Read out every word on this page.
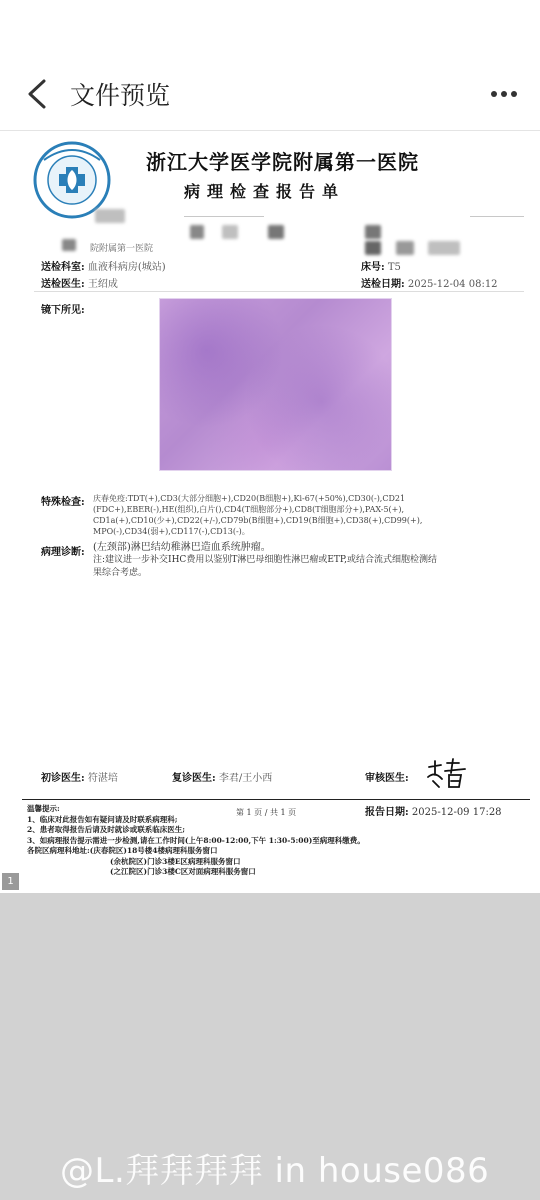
文件预览
浙江大学医学院附属第一医院
病理检查报告单
院附属第一医院
送检科室: 血液科病房(城站)	床号: T5
送检医生: 王绍成	送检日期: 2025-12-04 08:12
镜下所见:
特殊检查: 庆春免疫:TDT(+),CD3(大部分细胞+),CD20(B细胞+),Ki-67(+50%),CD30(-),CD21
(FDC+),EBER(-),HE(组织),白片(),CD4(T细胞部分+),CD8(T细胞部分+),PAX-5(+),
CD1a(+),CD10(少+),CD22(+/-),CD79b(B细胞+),CD19(B细胞+),CD38(+),CD99(+),
MPO(-),CD34(弱+),CD117(-),CD13(-)。
病理诊断: (左颈部)淋巴结幼稚淋巴造血系统肿瘤。
注:建议进一步补交IHC费用以鉴别T淋巴母细胞性淋巴瘤或ETP,或结合流式细胞检测结
果综合考虑。
初诊医生: 符湛培	复诊医生: 李君/王小西	审核医生:
第 1 页 / 共 1 页	报告日期: 2025-12-09 17:28
温馨提示:
1、临床对此报告如有疑问请及时联系病理科;
2、患者取得报告后请及时就诊或联系临床医生;
3、如病理报告提示需进一步检测,请在工作时间(上午8:00-12:00,下午 1:30-5:00)至病理科缴费。
各院区病理科地址:(庆春院区)18号楼4楼病理科服务窗口
(余杭院区)门诊3楼E区病理科服务窗口
(之江院区)门诊3楼C区对面病理科服务窗口
1
@L.拜拜拜拜 in house086
